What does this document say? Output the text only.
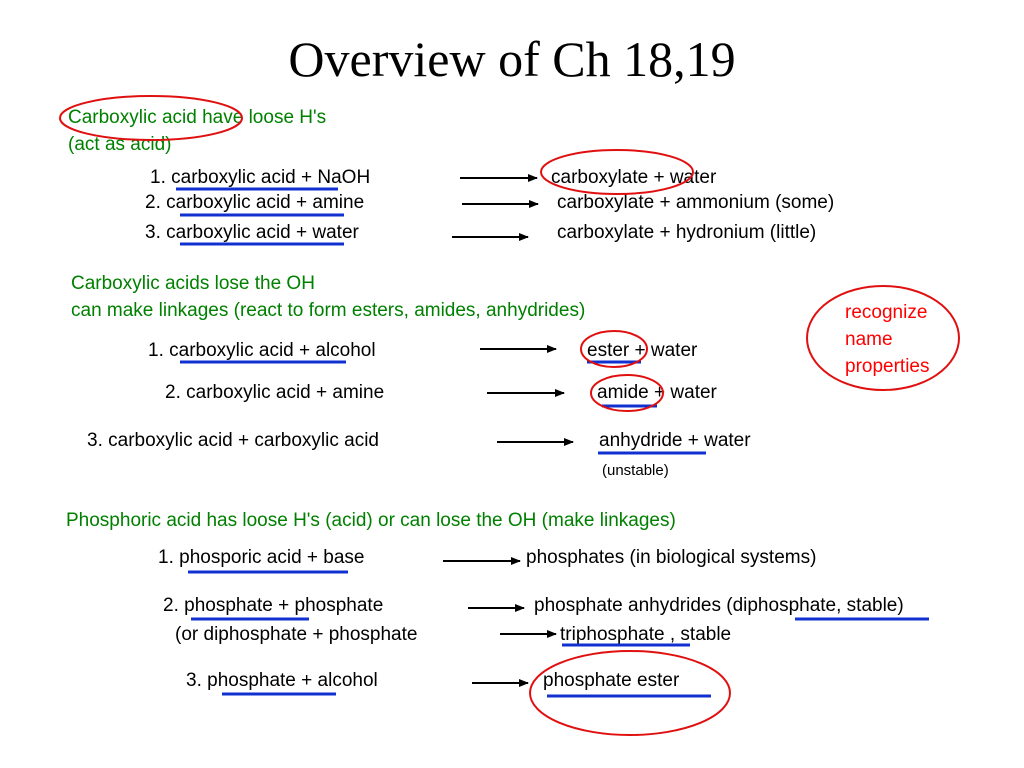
Overview of Ch 18,19
Carboxylic acid have loose H's
(act as acid)
1. carboxylic acid + NaOH	carboxylate + water
2. carboxylic acid + amine	carboxylate + ammonium (some)
3. carboxylic acid + water	carboxylate + hydronium (little)
Carboxylic acids lose the OH
can make linkages (react to form esters, amides, anhydrides)
1. carboxylic acid + alcohol	ester + water
2. carboxylic acid + amine	amide + water
3. carboxylic acid + carboxylic acid	anhydride + water
(unstable)
recognize
name
properties
Phosphoric acid has loose H's (acid) or can lose the OH (make linkages)
1. phosporic acid + base	phosphates (in biological systems)
2. phosphate + phosphate	phosphate anhydrides (diphosphate, stable)
(or diphosphate + phosphate	triphosphate , stable
3. phosphate + alcohol	phosphate ester
